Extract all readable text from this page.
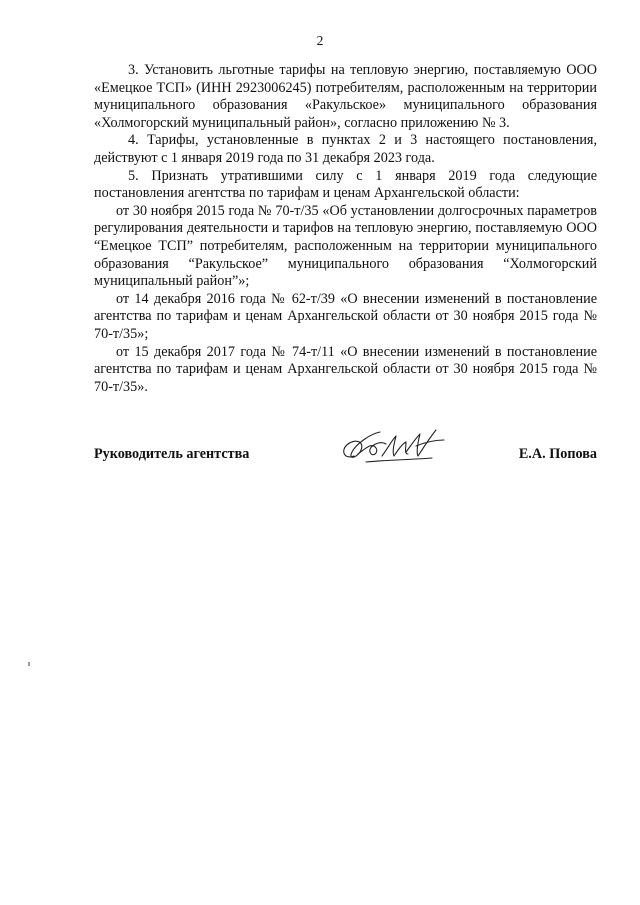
2

3. Установить льготные тарифы на тепловую энергию, поставляемую ООО «Емецкое ТСП» (ИНН 2923006245) потребителям, расположенным на территории муниципального образования «Ракульское» муниципального образования «Холмогорский муниципальный район», согласно приложению № 3.

4. Тарифы, установленные в пунктах 2 и 3 настоящего постановления, действуют с 1 января 2019 года по 31 декабря 2023 года.

5. Признать утратившими силу с 1 января 2019 года следующие постановления агентства по тарифам и ценам Архангельской области:

от 30 ноября 2015 года № 70-т/35 «Об установлении долгосрочных параметров регулирования деятельности и тарифов на тепловую энергию, поставляемую ООО “Емецкое ТСП” потребителям, расположенным на территории муниципального образования “Ракульское” муниципального образования “Холмогорский муниципальный район”»;

от 14 декабря 2016 года № 62-т/39 «О внесении изменений в постановление агентства по тарифам и ценам Архангельской области от 30 ноября 2015 года № 70-т/35»;

от 15 декабря 2017 года № 74-т/11 «О внесении изменений в постановление агентства по тарифам и ценам Архангельской области от 30 ноября 2015 года № 70-т/35».

Руководитель агентства	Е.А. Попова
